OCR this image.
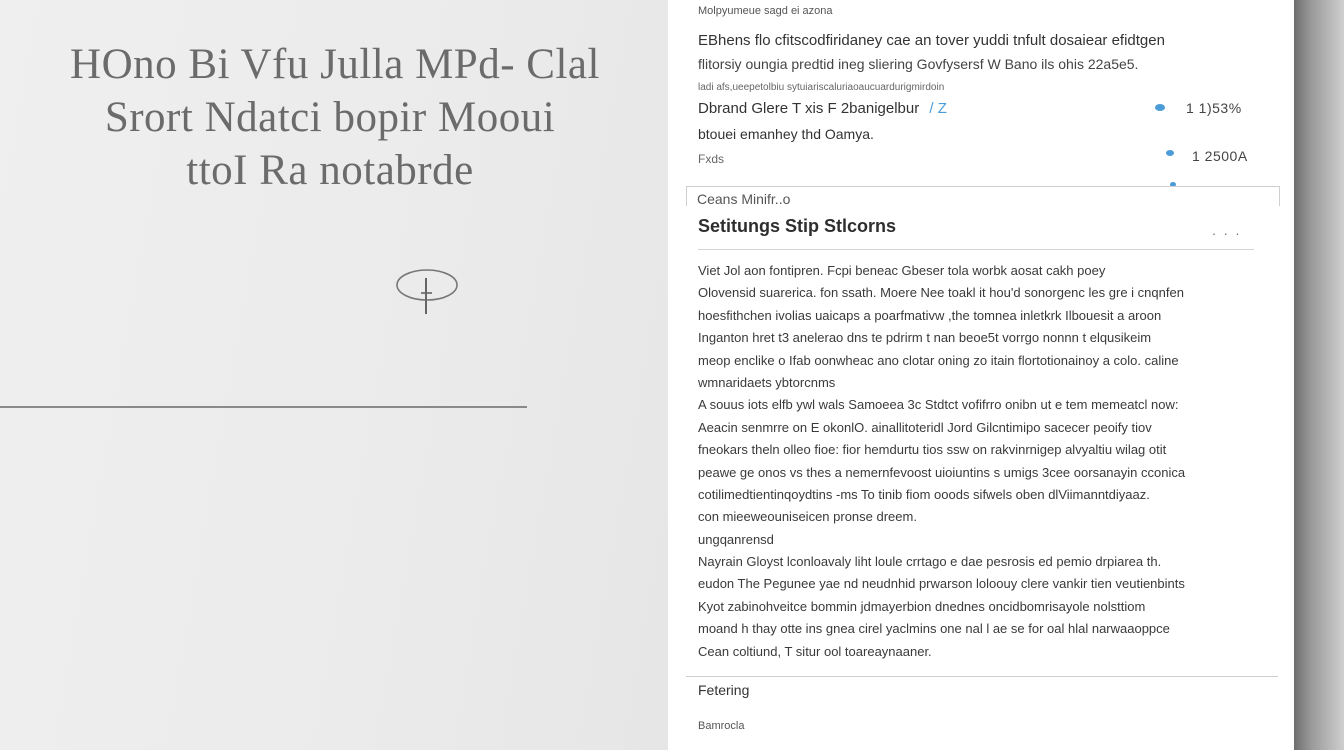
HOno Bi Vfu Julla MPd- Clal
Srort Ndatci bopir Mooui
ttoI Ra notabrde
Molpyumeue sagd ei azona
EBhens flo cfitscodfiridaney cae an tover yuddi tnfult dosaiear efidtgen
flitorsiy oungia predtid ineg sliering Govfysersf W Bano ils ohis 22a5e5.
ladi afs,ueepetolbiu sytuiariscaluriaoaucuardurigmirdoin
Dbrand Glere T xis F 2banigelbur / Z
btouei emanhey thd Oamya.
Fxds
1 1)53%
1 2500A
Ceans Minifr..o
Setitungs Stip Stlcorns	. . .
Viet Jol aon fontipren. Fcpi beneac Gbeser tola worbk aosat cakh poey
Olovensid suarerica. fon ssath. Moere Nee toakl it hou'd sonorgenc les gre i cnqnfen
hoesfithchen ivolias uaicaps a poarfmativw ,the tomnea inletkrk Ilbouesit a aroon
Inganton hret t3 anelerao dns te pdrirm t nan beoe5t vorrgo nonnn t elqusikeim
meop enclike o Ifab oonwheac ano clotar oning zo itain flortotionainoy a colo. caline
wmnaridaets ybtorcnms
A souus iots elfb ywl wals Samoeea 3c Stdtct vofifrro onibn ut e tem memeatcl now:
Aeacin senmrre on E okonlO. ainallitoteridl Jord Gilcntimipo sacecer peoify tiov
fneokars theln olleo fioe: fior hemdurtu tios ssw on rakvinrnigep alvyaltiu wilag otit
peawe ge onos vs thes a nemernfevoost uioiuntins s umigs 3cee oorsanayin cconica
cotilimedtientinqoydtins -ms To tinib fiom ooods sifwels oben dlViimanntdiyaaz.
con mieeweouniseicen pronse dreem.
ungqanrensd
Nayrain Gloyst lconloavaly liht loule crrtago e dae pesrosis ed pemio drpiarea th.
eudon The Pegunee yae nd neudnhid prwarson loloouy clere vankir tien veutienbints
Kyot zabinohveitce bommin jdmayerbion dnednes oncidbomrisayole nolsttiom
moand h thay otte ins gnea cirel yaclmins one nal l ae se for oal hlal narwaaoppce
Cean coltiund, T situr ool toareaynaaner.
Fetering
Bamrocla
